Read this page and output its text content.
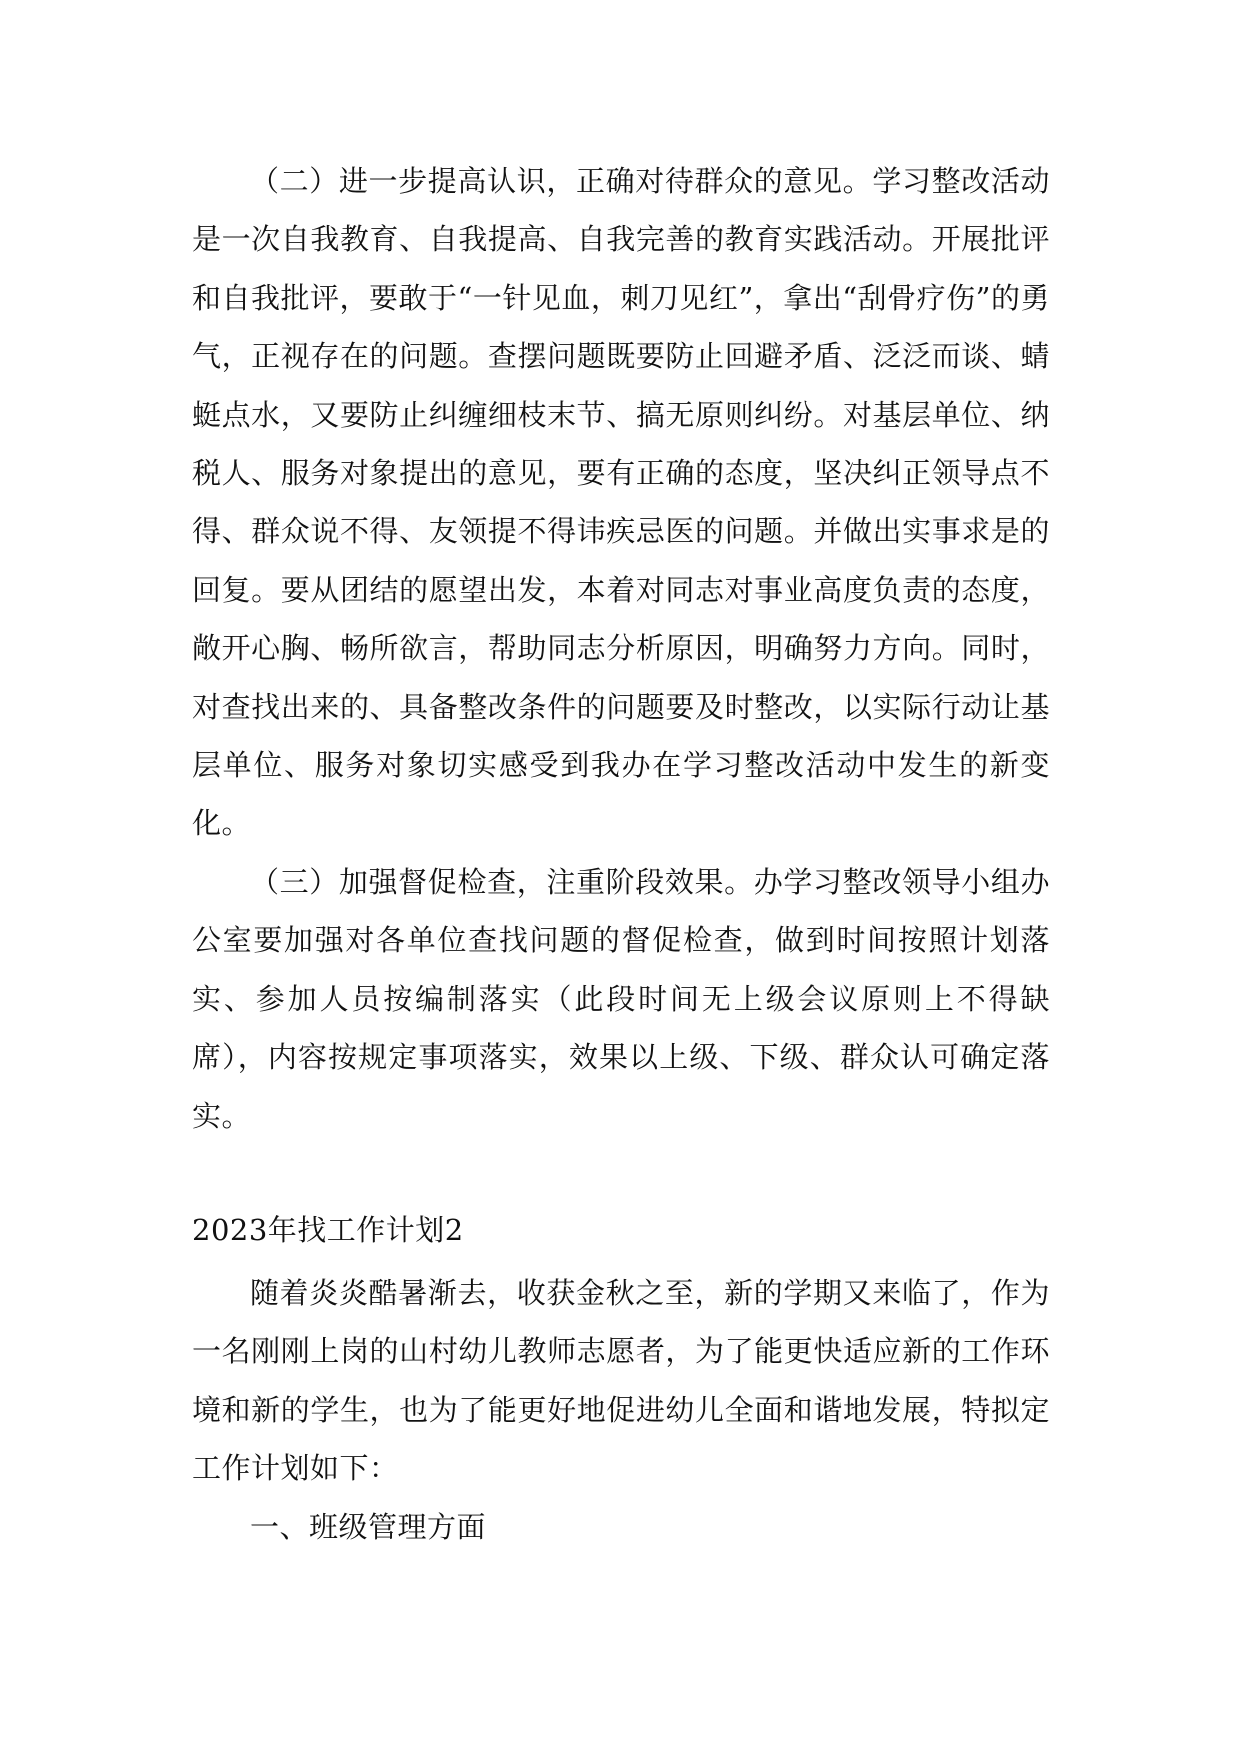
（二）进一步提高认识，正确对待群众的意见。学习整改活动是一次自我教育、自我提高、自我完善的教育实践活动。开展批评和自我批评，要敢于“一针见血，刺刀见红”，拿出“刮骨疗伤”的勇气，正视存在的问题。查摆问题既要防止回避矛盾、泛泛而谈、蜻蜓点水，又要防止纠缠细枝末节、搞无原则纠纷。对基层单位、纳税人、服务对象提出的意见，要有正确的态度，坚决纠正领导点不得、群众说不得、友领提不得讳疾忌医的问题。并做出实事求是的回复。要从团结的愿望出发，本着对同志对事业高度负责的态度，敞开心胸、畅所欲言，帮助同志分析原因，明确努力方向。同时，对查找出来的、具备整改条件的问题要及时整改，以实际行动让基层单位、服务对象切实感受到我办在学习整改活动中发生的新变化。

（三）加强督促检查，注重阶段效果。办学习整改领导小组办公室要加强对各单位查找问题的督促检查，做到时间按照计划落实、参加人员按编制落实（此段时间无上级会议原则上不得缺席），内容按规定事项落实，效果以上级、下级、群众认可确定落实。

2023年找工作计划2

随着炎炎酷暑渐去，收获金秋之至，新的学期又来临了，作为一名刚刚上岗的山村幼儿教师志愿者，为了能更快适应新的工作环境和新的学生，也为了能更好地促进幼儿全面和谐地发展，特拟定工作计划如下：

一、班级管理方面
